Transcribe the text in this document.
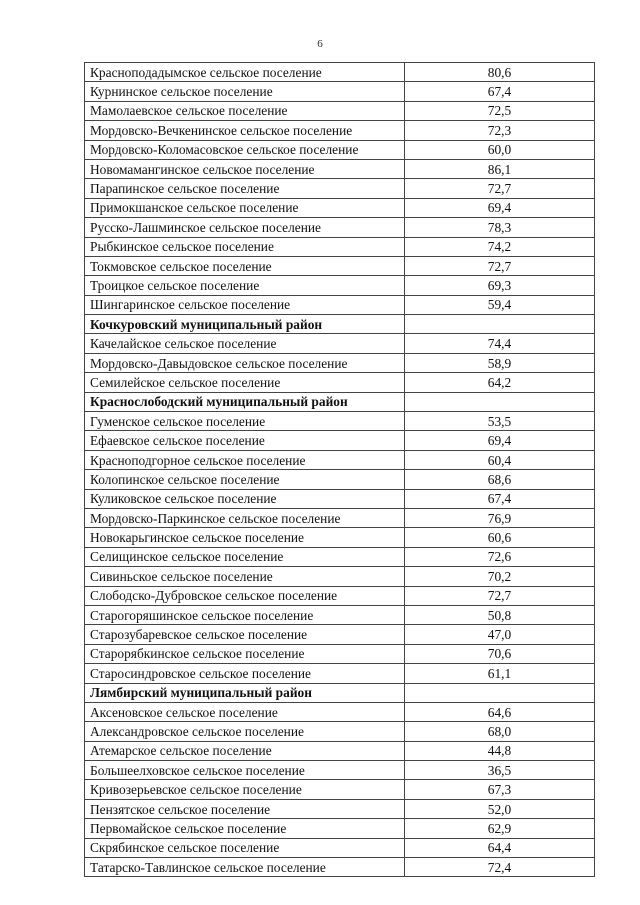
6
Красноподадымское сельское поселение	80,6
Курнинское сельское поселение	67,4
Мамолаевское сельское поселение	72,5
Мордовско-Вечкенинское сельское поселение	72,3
Мордовско-Коломасовское сельское поселение	60,0
Новомамангинское сельское поселение	86,1
Парапинское сельское поселение	72,7
Примокшанское сельское поселение	69,4
Русско-Лашминское сельское поселение	78,3
Рыбкинское сельское поселение	74,2
Токмовское сельское поселение	72,7
Троицкое сельское поселение	69,3
Шингаринское сельское поселение	59,4
Кочкуровский муниципальный район	
Качелайское сельское поселение	74,4
Мордовско-Давыдовское сельское поселение	58,9
Семилейское сельское поселение	64,2
Краснослободский муниципальный район	
Гуменское сельское поселение	53,5
Ефаевское сельское поселение	69,4
Красноподгорное сельское поселение	60,4
Колопинское сельское поселение	68,6
Куликовское сельское поселение	67,4
Мордовско-Паркинское сельское поселение	76,9
Новокарьгинское сельское поселение	60,6
Селищинское сельское поселение	72,6
Сивиньское сельское поселение	70,2
Слободско-Дубровское сельское поселение	72,7
Старогоряшинское сельское поселение	50,8
Старозубаревское сельское поселение	47,0
Старорябкинское сельское поселение	70,6
Старосиндровское сельское поселение	61,1
Лямбирский муниципальный район	
Аксеновское сельское поселение	64,6
Александровское сельское поселение	68,0
Атемарское сельское поселение	44,8
Большеелховское сельское поселение	36,5
Кривозерьевское сельское поселение	67,3
Пензятское сельское поселение	52,0
Первомайское сельское поселение	62,9
Скрябинское сельское поселение	64,4
Татарско-Тавлинское сельское поселение	72,4
